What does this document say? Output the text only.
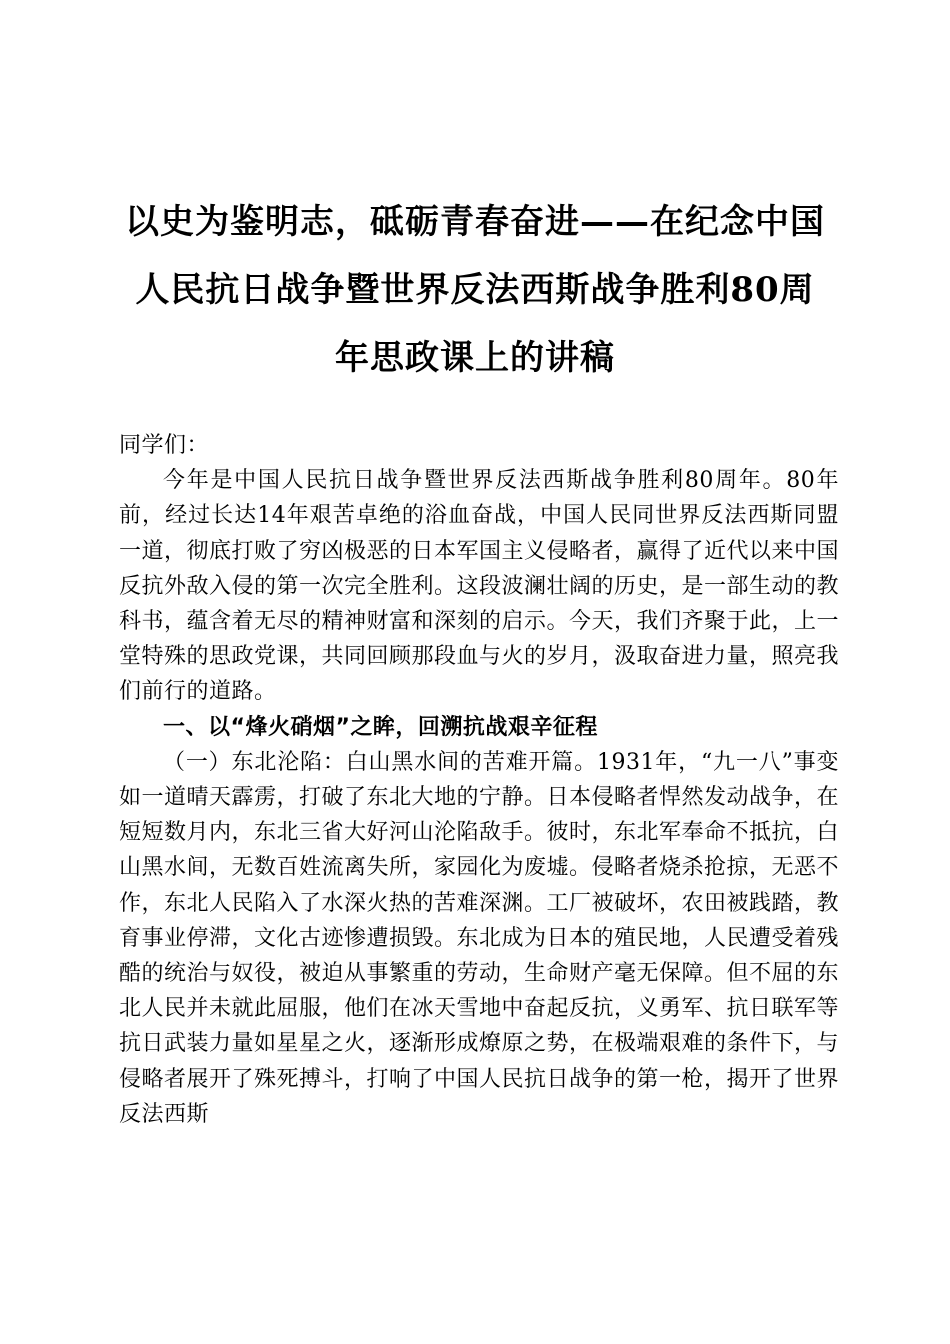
以史为鉴明志，砥砺青春奋进——在纪念中国
人民抗日战争暨世界反法西斯战争胜利80周
年思政课上的讲稿

同学们：

今年是中国人民抗日战争暨世界反法西斯战争胜利80周年。80年前，经过长达14年艰苦卓绝的浴血奋战，中国人民同世界反法西斯同盟一道，彻底打败了穷凶极恶的日本军国主义侵略者，赢得了近代以来中国反抗外敌入侵的第一次完全胜利。这段波澜壮阔的历史，是一部生动的教科书，蕴含着无尽的精神财富和深刻的启示。今天，我们齐聚于此，上一堂特殊的思政党课，共同回顾那段血与火的岁月，汲取奋进力量，照亮我们前行的道路。

一、以“烽火硝烟”之眸，回溯抗战艰辛征程

（一）东北沦陷：白山黑水间的苦难开篇。1931年，“九一八”事变如一道晴天霹雳，打破了东北大地的宁静。日本侵略者悍然发动战争，在短短数月内，东北三省大好河山沦陷敌手。彼时，东北军奉命不抵抗，白山黑水间，无数百姓流离失所，家园化为废墟。侵略者烧杀抢掠，无恶不作，东北人民陷入了水深火热的苦难深渊。工厂被破坏，农田被践踏，教育事业停滞，文化古迹惨遭损毁。东北成为日本的殖民地，人民遭受着残酷的统治与奴役，被迫从事繁重的劳动，生命财产毫无保障。但不屈的东北人民并未就此屈服，他们在冰天雪地中奋起反抗，义勇军、抗日联军等抗日武装力量如星星之火，逐渐形成燎原之势，在极端艰难的条件下，与侵略者展开了殊死搏斗，打响了中国人民抗日战争的第一枪，揭开了世界反法西斯
